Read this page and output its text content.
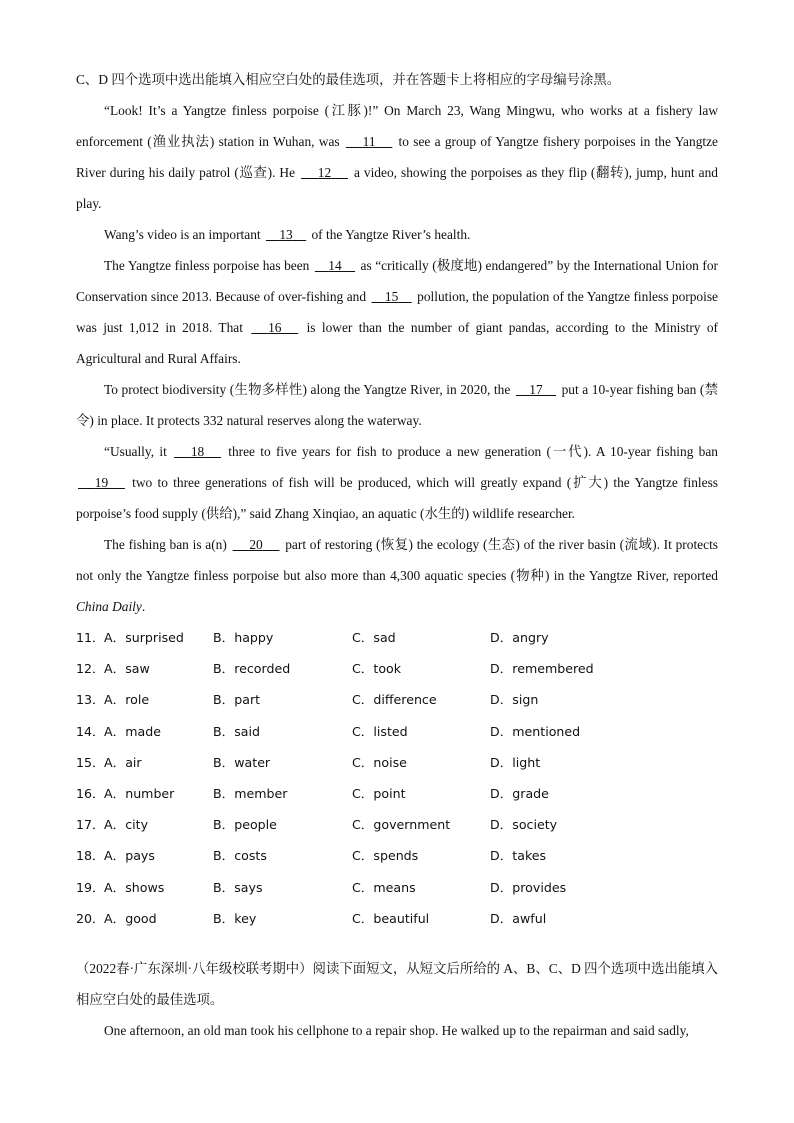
C、D 四个选项中选出能填入相应空白处的最佳选项，并在答题卡上将相应的字母编号涂黑。

“Look! It’s a Yangtze finless porpoise (江豚)!” On March 23, Wang Mingwu, who works at a fishery law enforcement (渔业执法) station in Wuhan, was      11      to see a group of Yangtze fishery porpoises in the Yangtze River during his daily patrol (巡查). He      12      a video, showing the porpoises as they flip (翻转), jump, hunt and play.

Wang’s video is an important     13     of the Yangtze River’s health.

The Yangtze finless porpoise has been     14     as “critically (极度地) endangered” by the International Union for Conservation since 2013. Because of over-fishing and     15     pollution, the population of the Yangtze finless porpoise was just 1,012 in 2018. That      16      is lower than the number of giant pandas, according to the Ministry of Agricultural and Rural Affairs.

To protect biodiversity (生物多样性) along the Yangtze River, in 2020, the     17     put a 10-year fishing ban (禁令) in place. It protects 332 natural reserves along the waterway.

“Usually, it      18      three to five years for fish to produce a new generation (一代). A 10-year fishing ban      19      two to three generations of fish will be produced, which will greatly expand (扩大) the Yangtze finless porpoise’s food supply (供给),” said Zhang Xinqiao, an aquatic (水生的) wildlife researcher.

The fishing ban is a(n)      20      part of restoring (恢复) the ecology (生态) of the river basin (流域). It protects not only the Yangtze finless porpoise but also more than 4,300 aquatic species (物种) in the Yangtze River, reported China Daily.

11． A．surprised	B．happy	C．sad	D．angry
12． A．saw	B．recorded	C．took	D．remembered
13． A．role	B．part	C．difference	D．sign
14． A．made	B．said	C．listed	D．mentioned
15． A．air	B．water	C．noise	D．light
16． A．number	B．member	C．point	D．grade
17． A．city	B．people	C．government	D．society
18． A．pays	B．costs	C．spends	D．takes
19． A．shows	B．says	C．means	D．provides
20． A．good	B．key	C．beautiful	D．awful

（2022春·广东深圳·八年级校联考期中）阅读下面短文，从短文后所给的 A、B、C、D 四个选项中选出能填入相应空白处的最佳选项。

One afternoon, an old man took his cellphone to a repair shop. He walked up to the repairman and said sadly,
